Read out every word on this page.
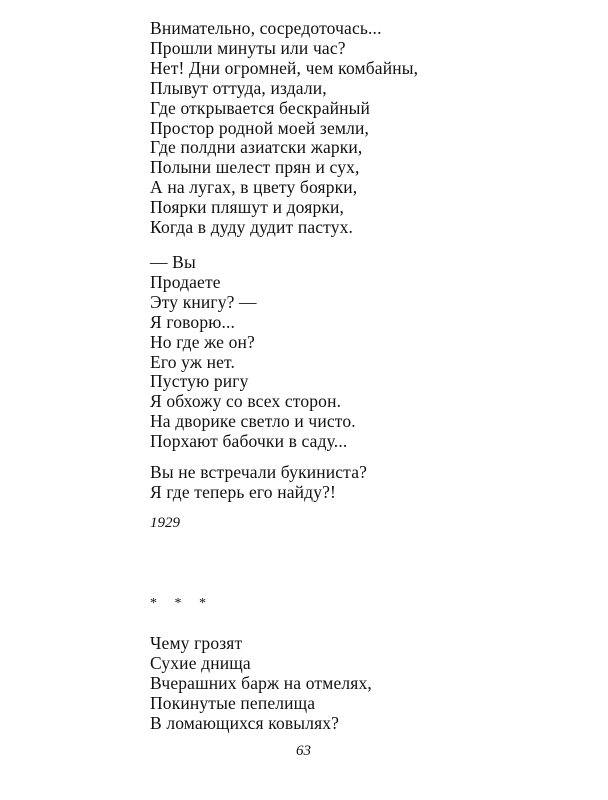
Внимательно, сосредоточась...
Прошли минуты или час?
Нет! Дни огромней, чем комбайны,
Плывут оттуда, издали,
Где открывается бескрайный
Простор родной моей земли,
Где полдни азиатски жарки,
Полыни шелест прян и сух,
А на лугах, в цвету боярки,
Поярки пляшут и доярки,
Когда в дуду дудит пастух.
— Вы
Продаете
Эту книгу? —
Я говорю...
Но где же он?
Его уж нет.
Пустую ригу
Я обхожу со всех сторон.
На дворике светло и чисто.
Порхают бабочки в саду...
Вы не встречали букиниста?
Я где теперь его найду?!
1929
* * *
Чему грозят
Сухие днища
Вчерашних барж на отмелях,
Покинутые пепелища
В ломающихся ковылях?
63
